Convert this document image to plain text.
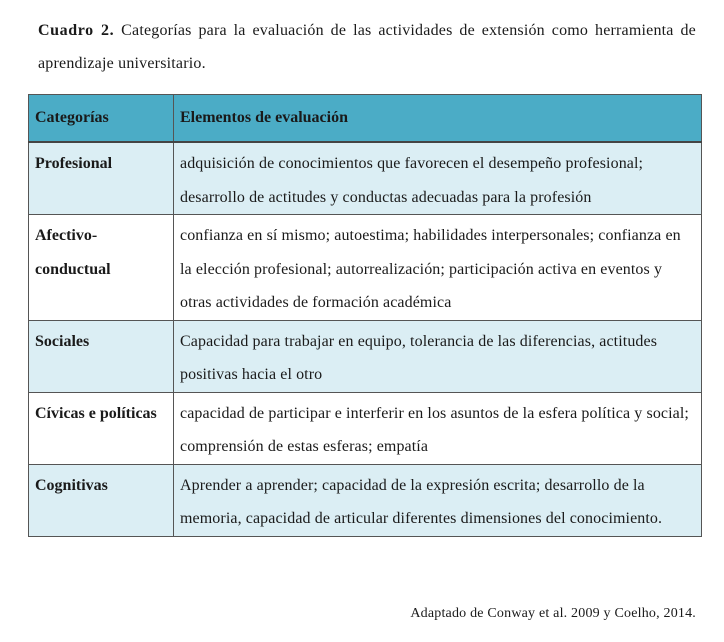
Cuadro 2. Categorías para la evaluación de las actividades de extensión como herramienta de aprendizaje universitario.
Categorías	Elementos de evaluación
Profesional	adquisición de conocimientos que favorecen el desempeño profesional; desarrollo de actitudes y conductas adecuadas para la profesión
Afectivo-conductual	confianza en sí mismo; autoestima; habilidades interpersonales; confianza en la elección profesional; autorrealización; participación activa en eventos y otras actividades de formación académica
Sociales	Capacidad para trabajar en equipo, tolerancia de las diferencias, actitudes positivas hacia el otro
Cívicas e políticas	capacidad de participar e interferir en los asuntos de la esfera política y social; comprensión de estas esferas; empatía
Cognitivas	Aprender a aprender; capacidad de la expresión escrita; desarrollo de la memoria, capacidad de articular diferentes dimensiones del conocimiento.
Adaptado de Conway et al. 2009 y Coelho, 2014.
